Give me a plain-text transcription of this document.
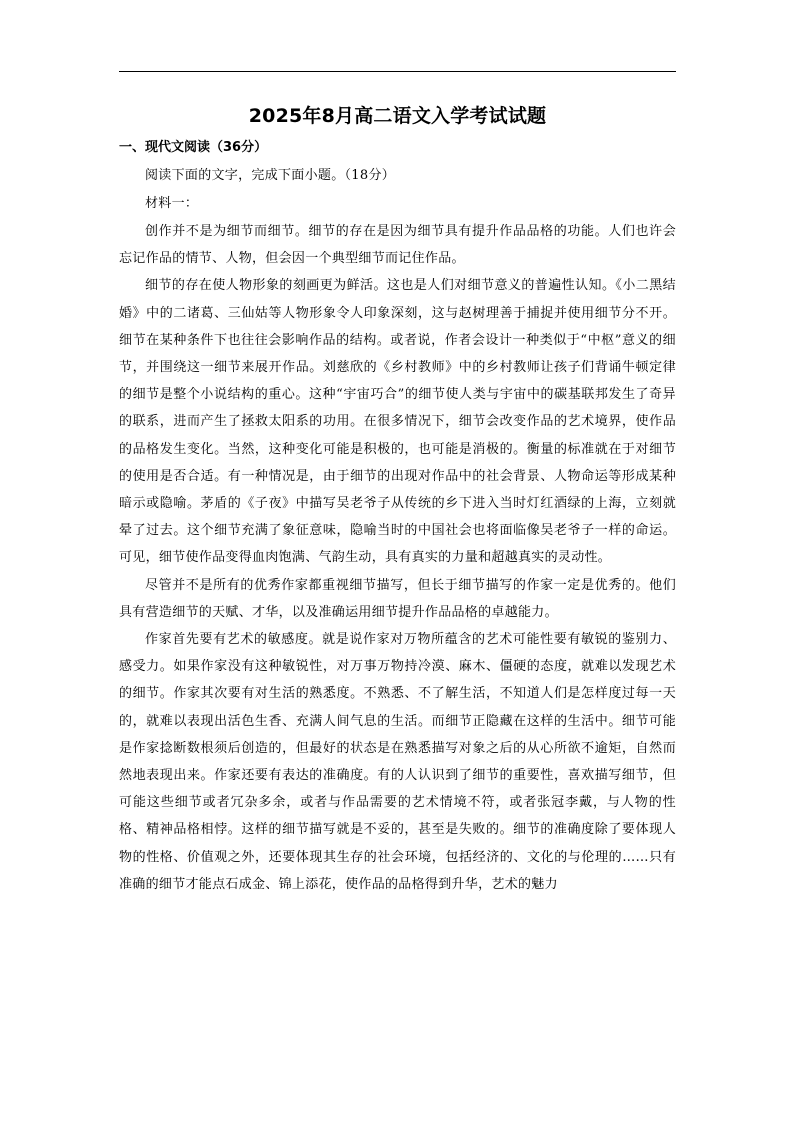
2025年8月高二语文入学考试试题

一、现代文阅读（36分）

阅读下面的文字，完成下面小题。（18分）

材料一：

创作并不是为细节而细节。细节的存在是因为细节具有提升作品品格的功能。人们也许会忘记作品的情节、人物，但会因一个典型细节而记住作品。

细节的存在使人物形象的刻画更为鲜活。这也是人们对细节意义的普遍性认知。《小二黑结婚》中的二诸葛、三仙姑等人物形象令人印象深刻，这与赵树理善于捕捉并使用细节分不开。细节在某种条件下也往往会影响作品的结构。或者说，作者会设计一种类似于“中枢”意义的细节，并围绕这一细节来展开作品。刘慈欣的《乡村教师》中的乡村教师让孩子们背诵牛顿定律的细节是整个小说结构的重心。这种“宇宙巧合”的细节使人类与宇宙中的碳基联邦发生了奇异的联系，进而产生了拯救太阳系的功用。在很多情况下，细节会改变作品的艺术境界，使作品的品格发生变化。当然，这种变化可能是积极的，也可能是消极的。衡量的标准就在于对细节的使用是否合适。有一种情况是，由于细节的出现对作品中的社会背景、人物命运等形成某种暗示或隐喻。茅盾的《子夜》中描写吴老爷子从传统的乡下进入当时灯红酒绿的上海，立刻就晕了过去。这个细节充满了象征意味，隐喻当时的中国社会也将面临像吴老爷子一样的命运。可见，细节使作品变得血肉饱满、气韵生动，具有真实的力量和超越真实的灵动性。

尽管并不是所有的优秀作家都重视细节描写，但长于细节描写的作家一定是优秀的。他们具有营造细节的天赋、才华，以及准确运用细节提升作品品格的卓越能力。

作家首先要有艺术的敏感度。就是说作家对万物所蕴含的艺术可能性要有敏锐的鉴别力、感受力。如果作家没有这种敏锐性，对万事万物持冷漠、麻木、僵硬的态度，就难以发现艺术的细节。作家其次要有对生活的熟悉度。不熟悉、不了解生活，不知道人们是怎样度过每一天的，就难以表现出活色生香、充满人间气息的生活。而细节正隐藏在这样的生活中。细节可能是作家捻断数根须后创造的，但最好的状态是在熟悉描写对象之后的从心所欲不逾矩，自然而然地表现出来。作家还要有表达的准确度。有的人认识到了细节的重要性，喜欢描写细节，但可能这些细节或者冗杂多余，或者与作品需要的艺术情境不符，或者张冠李戴，与人物的性格、精神品格相悖。这样的细节描写就是不妥的，甚至是失败的。细节的准确度除了要体现人物的性格、价值观之外，还要体现其生存的社会环境，包括经济的、文化的与伦理的……只有准确的细节才能点石成金、锦上添花，使作品的品格得到升华，艺术的魅力
